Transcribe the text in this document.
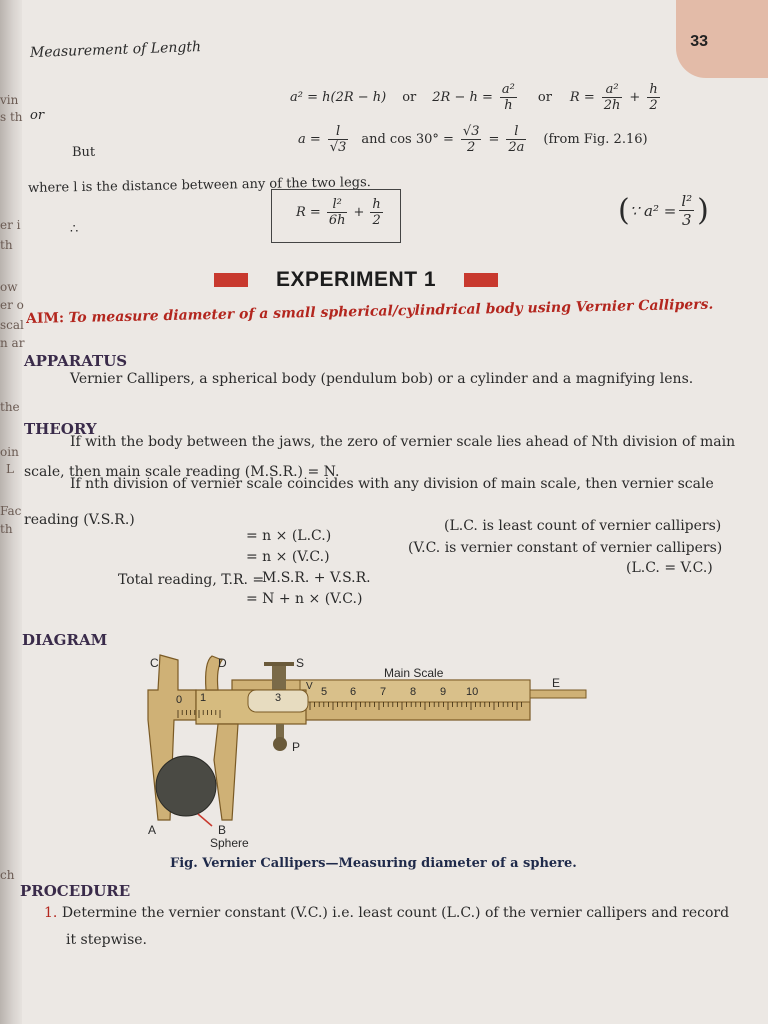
33
Measurement of Length
vin
s th
er i
th
ow
er o
scal
n ar
the
oin
L
Fac
th
ch
or
a² = h(2R − h) or $2R - h = \frac{\text{a²}}{h}$ or $R = \frac{\text{a²}}{2h} + \frac{h}{2}$
But
$a = \frac{l}{√3}$ and $\cos 30^\circ = \frac{√3}{2} = \frac{l}{2a}$ (from Fig. 2.16)
where l is the distance between any of the two legs.
∴
$R = \frac{\text{l²}}{6h} + \frac{h}{2}$	( ∵ $a^2 = \frac{\text{l²}}{3}$ )
EXPERIMENT 1
AIM: To measure diameter of a small spherical/cylindrical body using Vernier Callipers.
APPARATUS
Vernier Callipers, a spherical body (pendulum bob) or a cylinder and a magnifying lens.
THEORY
If with the body between the jaws, the zero of vernier scale lies ahead of Nth division of main
scale, then main scale reading (M.S.R.) = N.
If nth division of vernier scale coincides with any division of main scale, then vernier scale
reading (V.S.R.)
= n × (L.C.)
(L.C. is least count of vernier callipers)
= n × (V.C.)
(V.C. is vernier constant of vernier callipers)
Total reading, T.R. =
M.S.R. + V.S.R.
(L.C. = V.C.)
= N + n × (V.C.)
DIAGRAM
C	D	S
V
P
E
A	B
Sphere
Main Scale
0 1	3	5 6 7 8 9 10
Fig. Vernier Callipers—Measuring diameter of a sphere.
PROCEDURE
1. Determine the vernier constant (V.C.) i.e. least count (L.C.) of the vernier callipers and record
it stepwise.
